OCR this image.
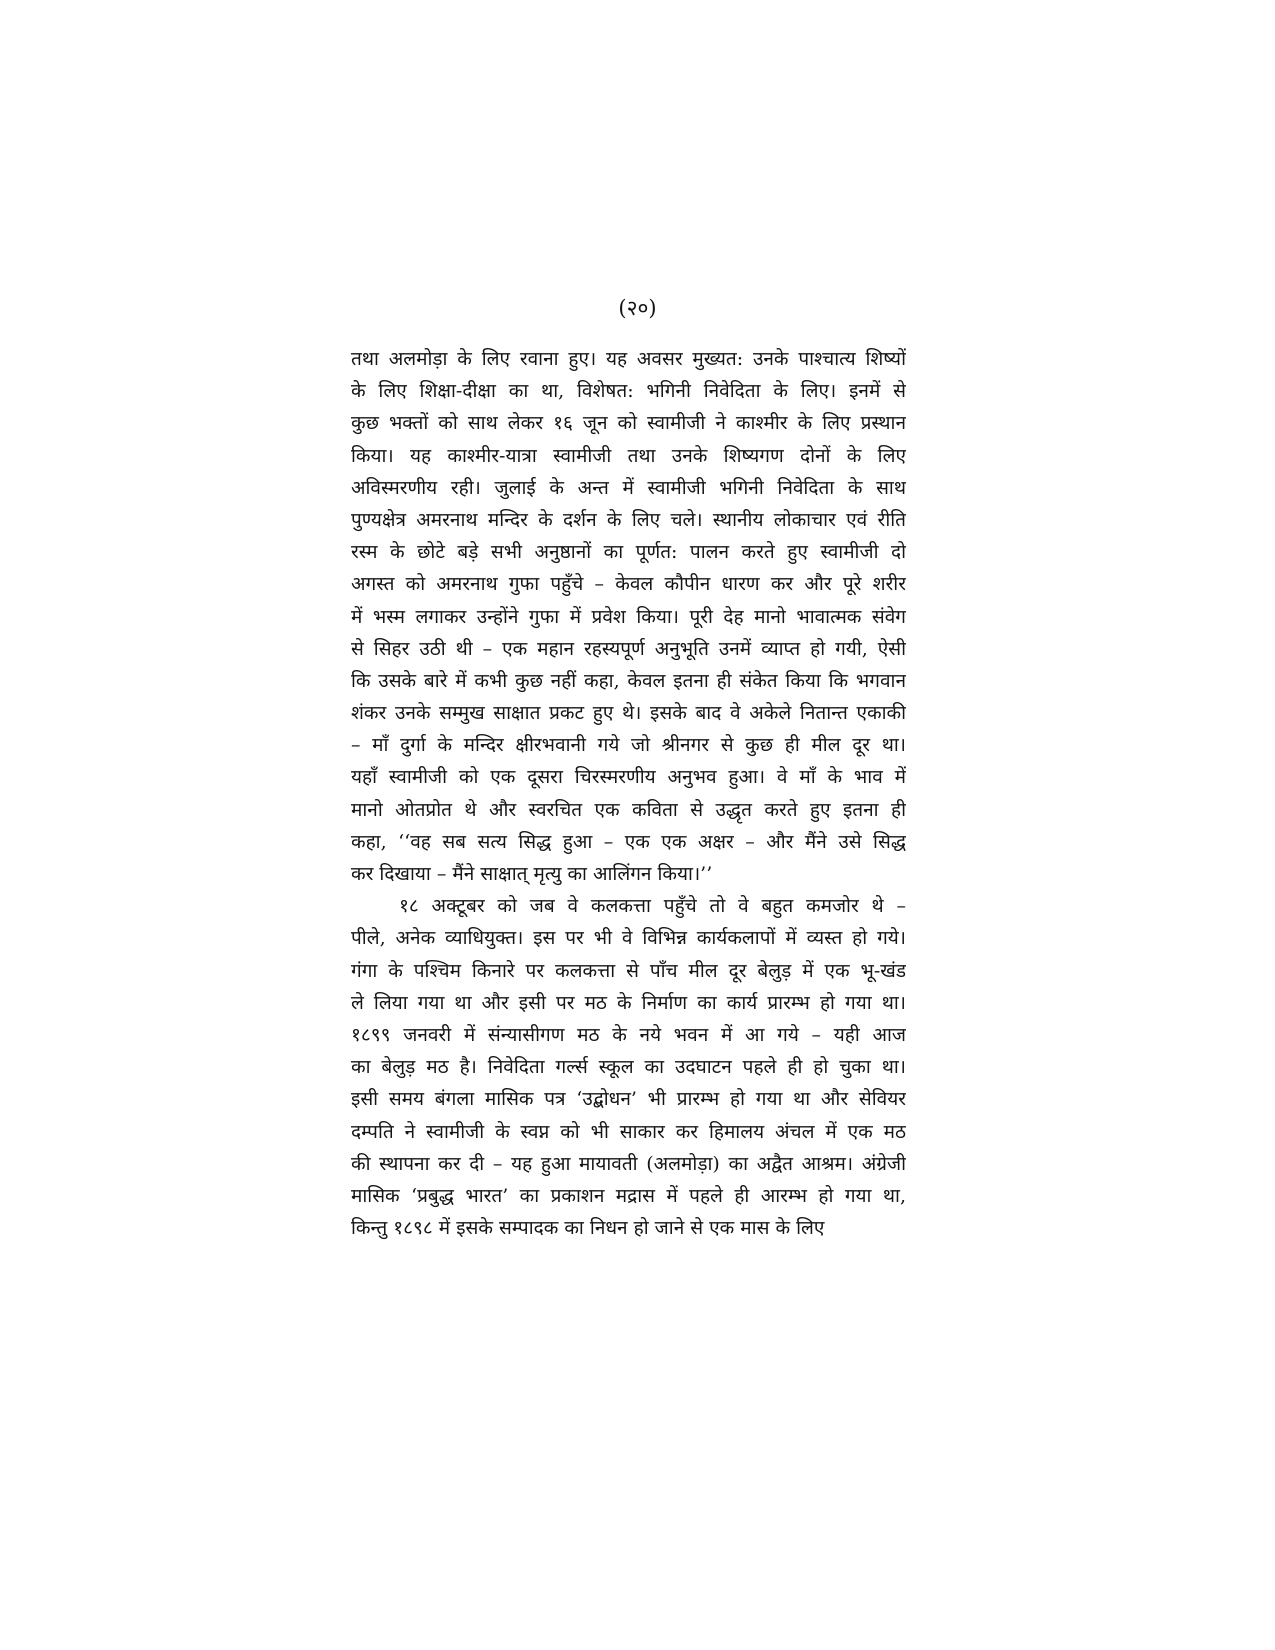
(२०)
तथा अलमोड़ा के लिए रवाना हुए। यह अवसर मुख्यत: उनके पाश्चात्य शिष्यों
के लिए शिक्षा-दीक्षा का था, विशेषत: भगिनी निवेदिता के लिए। इनमें से
कुछ भक्तों को साथ लेकर १६ जून को स्वामीजी ने काश्मीर के लिए प्रस्थान
किया। यह काश्मीर-यात्रा स्वामीजी तथा उनके शिष्यगण दोनों के लिए
अविस्मरणीय रही। जुलाई के अन्त में स्वामीजी भगिनी निवेदिता के साथ
पुण्यक्षेत्र अमरनाथ मन्दिर के दर्शन के लिए चले। स्थानीय लोकाचार एवं रीति
रस्म के छोटे बड़े सभी अनुष्ठानों का पूर्णत: पालन करते हुए स्वामीजी दो
अगस्त को अमरनाथ गुफा पहुँचे – केवल कौपीन धारण कर और पूरे शरीर
में भस्म लगाकर उन्होंने गुफा में प्रवेश किया। पूरी देह मानो भावात्मक संवेग
से सिहर उठी थी – एक महान रहस्यपूर्ण अनुभूति उनमें व्याप्त हो गयी, ऐसी
कि उसके बारे में कभी कुछ नहीं कहा, केवल इतना ही संकेत किया कि भगवान
शंकर उनके सम्मुख साक्षात प्रकट हुए थे। इसके बाद वे अकेले नितान्त एकाकी
– माँ दुर्गा के मन्दिर क्षीरभवानी गये जो श्रीनगर से कुछ ही मील दूर था।
यहाँ स्वामीजी को एक दूसरा चिरस्मरणीय अनुभव हुआ। वे माँ के भाव में
मानो ओतप्रोत थे और स्वरचित एक कविता से उद्धृत करते हुए इतना ही
कहा, ‘‘वह सब सत्य सिद्ध हुआ – एक एक अक्षर – और मैंने उसे सिद्ध
कर दिखाया – मैंने साक्षात् मृत्यु का आलिंगन किया।’’
१८ अक्टूबर को जब वे कलकत्ता पहुँचे तो वे बहुत कमजोर थे –
पीले, अनेक व्याधियुक्त। इस पर भी वे विभिन्न कार्यकलापों में व्यस्त हो गये।
गंगा के पश्चिम किनारे पर कलकत्ता से पाँच मील दूर बेलुड़ में एक भू-खंड
ले लिया गया था और इसी पर मठ के निर्माण का कार्य प्रारम्भ हो गया था।
१८९९ जनवरी में संन्यासीगण मठ के नये भवन में आ गये – यही आज
का बेलुड़ मठ है। निवेदिता गर्ल्स स्कूल का उदघाटन पहले ही हो चुका था।
इसी समय बंगला मासिक पत्र ‘उद्बोधन’ भी प्रारम्भ हो गया था और सेवियर
दम्पति ने स्वामीजी के स्वप्न को भी साकार कर हिमालय अंचल में एक मठ
की स्थापना कर दी – यह हुआ मायावती (अलमोड़ा) का अद्वैत आश्रम। अंग्रेजी
मासिक ‘प्रबुद्ध भारत’ का प्रकाशन मद्रास में पहले ही आरम्भ हो गया था,
किन्तु १८९८ में इसके सम्पादक का निधन हो जाने से एक मास के लिए
